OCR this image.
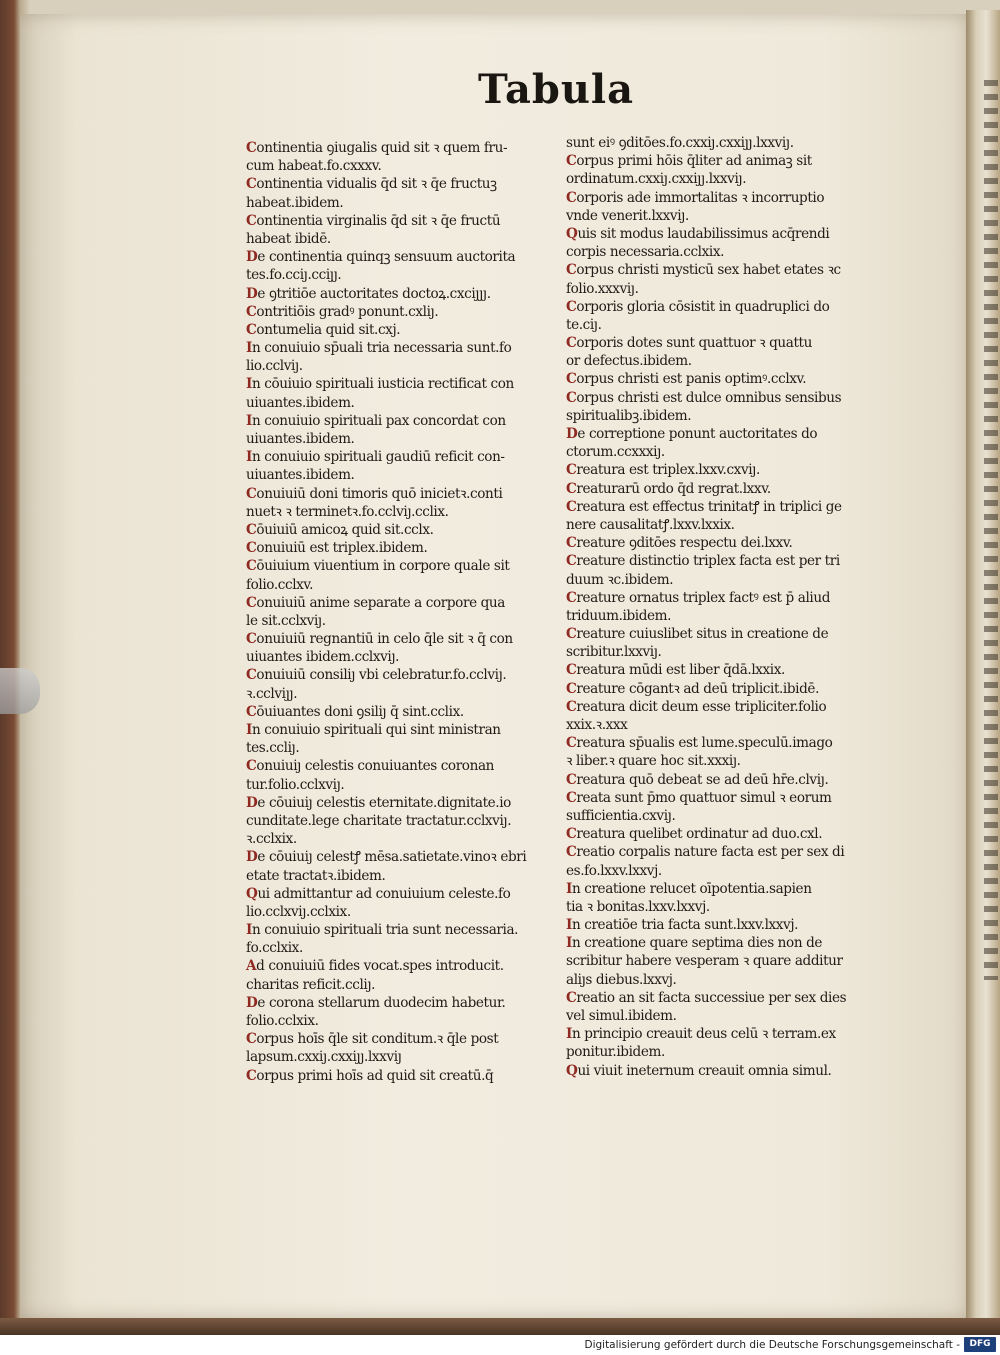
Tabula
Continentia ꝯiugalis quid sit ꝛ quem fru-
cum habeat.fo.cxxxv.
Continentia vidualis q̄d sit ꝛ q̄e fructuꝫ
habeat.ibidem.
Continentia virginalis q̄d sit ꝛ q̄e fructū
habeat ibidē.
De continentia quinqꝫ sensuum auctorita
tes.fo.cciȷ.cciȷȷ.
De ꝯtritiōe auctoritates doctoꝝ.cxciȷȷȷ.
Contritiōis gradꝰ ponunt.cxliȷ.
Contumelia quid sit.cxj.
In conuiuio sp̄uali tria necessaria sunt.fo
lio.cclviȷ.
In cōuiuio spirituali iusticia rectificat con
uiuantes.ibidem.
In conuiuio spirituali pax concordat con
uiuantes.ibidem.
In conuiuio spirituali gaudiū reficit con-
uiuantes.ibidem.
Conuiuiū doni timoris quō inicietꝛ.conti
nuetꝛ ꝛ terminetꝛ.fo.cclviȷ.cclix.
Cōuiuiū amicoꝝ quid sit.cclx.
Conuiuiū est triplex.ibidem.
Cōuiuium viuentium in corpore quale sit
folio.cclxv.
Conuiuiū anime separate a corpore qua
le sit.cclxviȷ.
Conuiuiū regnantiū in celo q̄le sit ꝛ q̄ con
uiuantes ibidem.cclxviȷ.
Conuiuiū consiliȷ vbi celebratur.fo.cclviȷ.
ꝛ.cclviȷȷ.
Cōuiuantes doni ꝯsiliȷ q̄ sint.cclix.
In conuiuio spirituali qui sint ministran
tes.ccliȷ.
Conuiuiȷ celestis conuiuantes coronan
tur.folio.cclxviȷ.
De cōuiuiȷ celestis eternitate.dignitate.io
cunditate.lege charitate tractatur.cclxviȷ.
ꝛ.cclxix.
De cōuiuiȷ celestꝭ mēsa.satietate.vinoꝛ ebri
etate tractatꝛ.ibidem.
Qui admittantur ad conuiuium celeste.fo
lio.cclxviȷ.cclxix.
In conuiuio spirituali tria sunt necessaria.
fo.cclxix.
Ad conuiuiū fides vocat.spes introducit.
charitas reficit.ccliȷ.
De corona stellarum duodecim habetur.
folio.cclxix.
Corpus hoīs q̄le sit conditum.ꝛ q̄le post
lapsum.cxxiȷ.cxxiȷȷ.lxxviȷ
Corpus primi hoīs ad quid sit creatū.q̄
sunt eiꝰ ꝯditōes.fo.cxxiȷ.cxxiȷȷ.lxxviȷ.
Corpus primi hōis q̄liter ad animaꝫ sit
ordinatum.cxxiȷ.cxxiȷȷ.lxxviȷ.
Corporis ade immortalitas ꝛ incorruptio
vnde venerit.lxxviȷ.
Quis sit modus laudabilissimus acq̄rendi
corpis necessaria.cclxix.
Corpus christi mysticū sex habet etates ꝛc
folio.xxxviȷ.
Corporis gloria cōsistit in quadruplici do
te.ciȷ.
Corporis dotes sunt quattuor ꝛ quattu
or defectus.ibidem.
Corpus christi est panis optimꝰ.cclxv.
Corpus christi est dulce omnibus sensibus
spiritualibꝫ.ibidem.
De correptione ponunt auctoritates do
ctorum.ccxxxiȷ.
Creatura est triplex.lxxv.cxviȷ.
Creaturarū ordo q̄d regrat.lxxv.
Creatura est effectus trinitatꝭ in triplici ge
nere causalitatꝭ.lxxv.lxxix.
Creature ꝯditōes respectu dei.lxxv.
Creature distinctio triplex facta est per tri
duum ꝛc.ibidem.
Creature ornatus triplex factꝰ est p̄ aliud
triduum.ibidem.
Creature cuiuslibet situs in creatione de
scribitur.lxxviȷ.
Creatura mūdi est liber q̄dā.lxxix.
Creature cōgantꝛ ad deū triplicit.ibidē.
Creatura dicit deum esse tripliciter.folio
xxix.ꝛ.xxx
Creatura sp̄ualis est lume.speculū.imago
ꝛ liber.ꝛ quare hoc sit.xxxiȷ.
Creatura quō debeat se ad deū hr̄e.clviȷ.
Creata sunt p̄mo quattuor simul ꝛ eorum
sufficientia.cxviȷ.
Creatura quelibet ordinatur ad duo.cxl.
Creatio corpalis nature facta est per sex di
es.fo.lxxv.lxxvj.
In creatione relucet oīpotentia.sapien
tia ꝛ bonitas.lxxv.lxxvj.
In creatiōe tria facta sunt.lxxv.lxxvj.
In creatione quare septima dies non de
scribitur habere vesperam ꝛ quare additur
aliȷs diebus.lxxvj.
Creatio an sit facta successiue per sex dies
vel simul.ibidem.
In principio creauit deus celū ꝛ terram.ex
ponitur.ibidem.
Qui viuit ineternum creauit omnia simul.
Digitalisierung gefördert durch die Deutsche Forschungsgemeinschaft -	DFG
